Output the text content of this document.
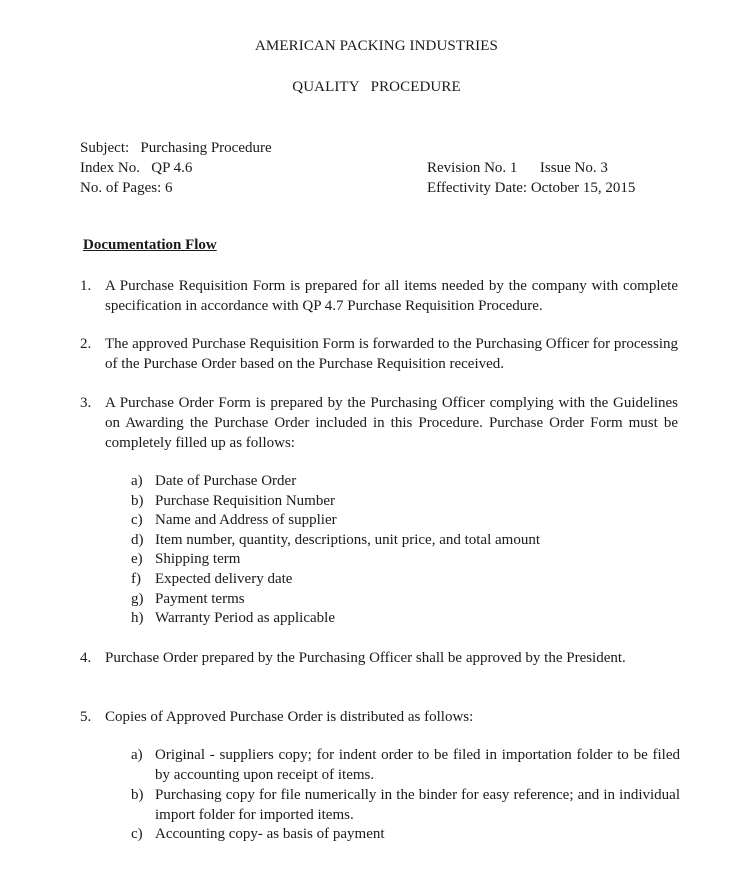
AMERICAN PACKING INDUSTRIES
QUALITY   PROCEDURE
Subject:   Purchasing Procedure
Index No.   QP 4.6
No. of Pages: 6
Revision No. 1      Issue No. 3
Effectivity Date: October 15, 2015
Documentation Flow
1. A Purchase Requisition Form is prepared for all items needed by the company with complete specification in accordance with QP 4.7 Purchase Requisition Procedure.
2. The approved Purchase Requisition Form is forwarded to the Purchasing Officer for processing of the Purchase Order based on the Purchase Requisition received.
3. A Purchase Order Form is prepared by the Purchasing Officer complying with the Guidelines on Awarding the Purchase Order included in this Procedure. Purchase Order Form must be completely filled up as follows:
a) Date of Purchase Order
b) Purchase Requisition Number
c) Name and Address of supplier
d) Item number, quantity, descriptions, unit price, and total amount
e) Shipping term
f) Expected delivery date
g) Payment terms
h) Warranty Period as applicable
4. Purchase Order prepared by the Purchasing Officer shall be approved by the President.
5. Copies of Approved Purchase Order is distributed as follows:
a) Original - suppliers copy; for indent order to be filed in importation folder to be filed by accounting upon receipt of items.
b) Purchasing copy for file numerically in the binder for easy reference; and in individual import folder for imported items.
c) Accounting copy- as basis of payment
